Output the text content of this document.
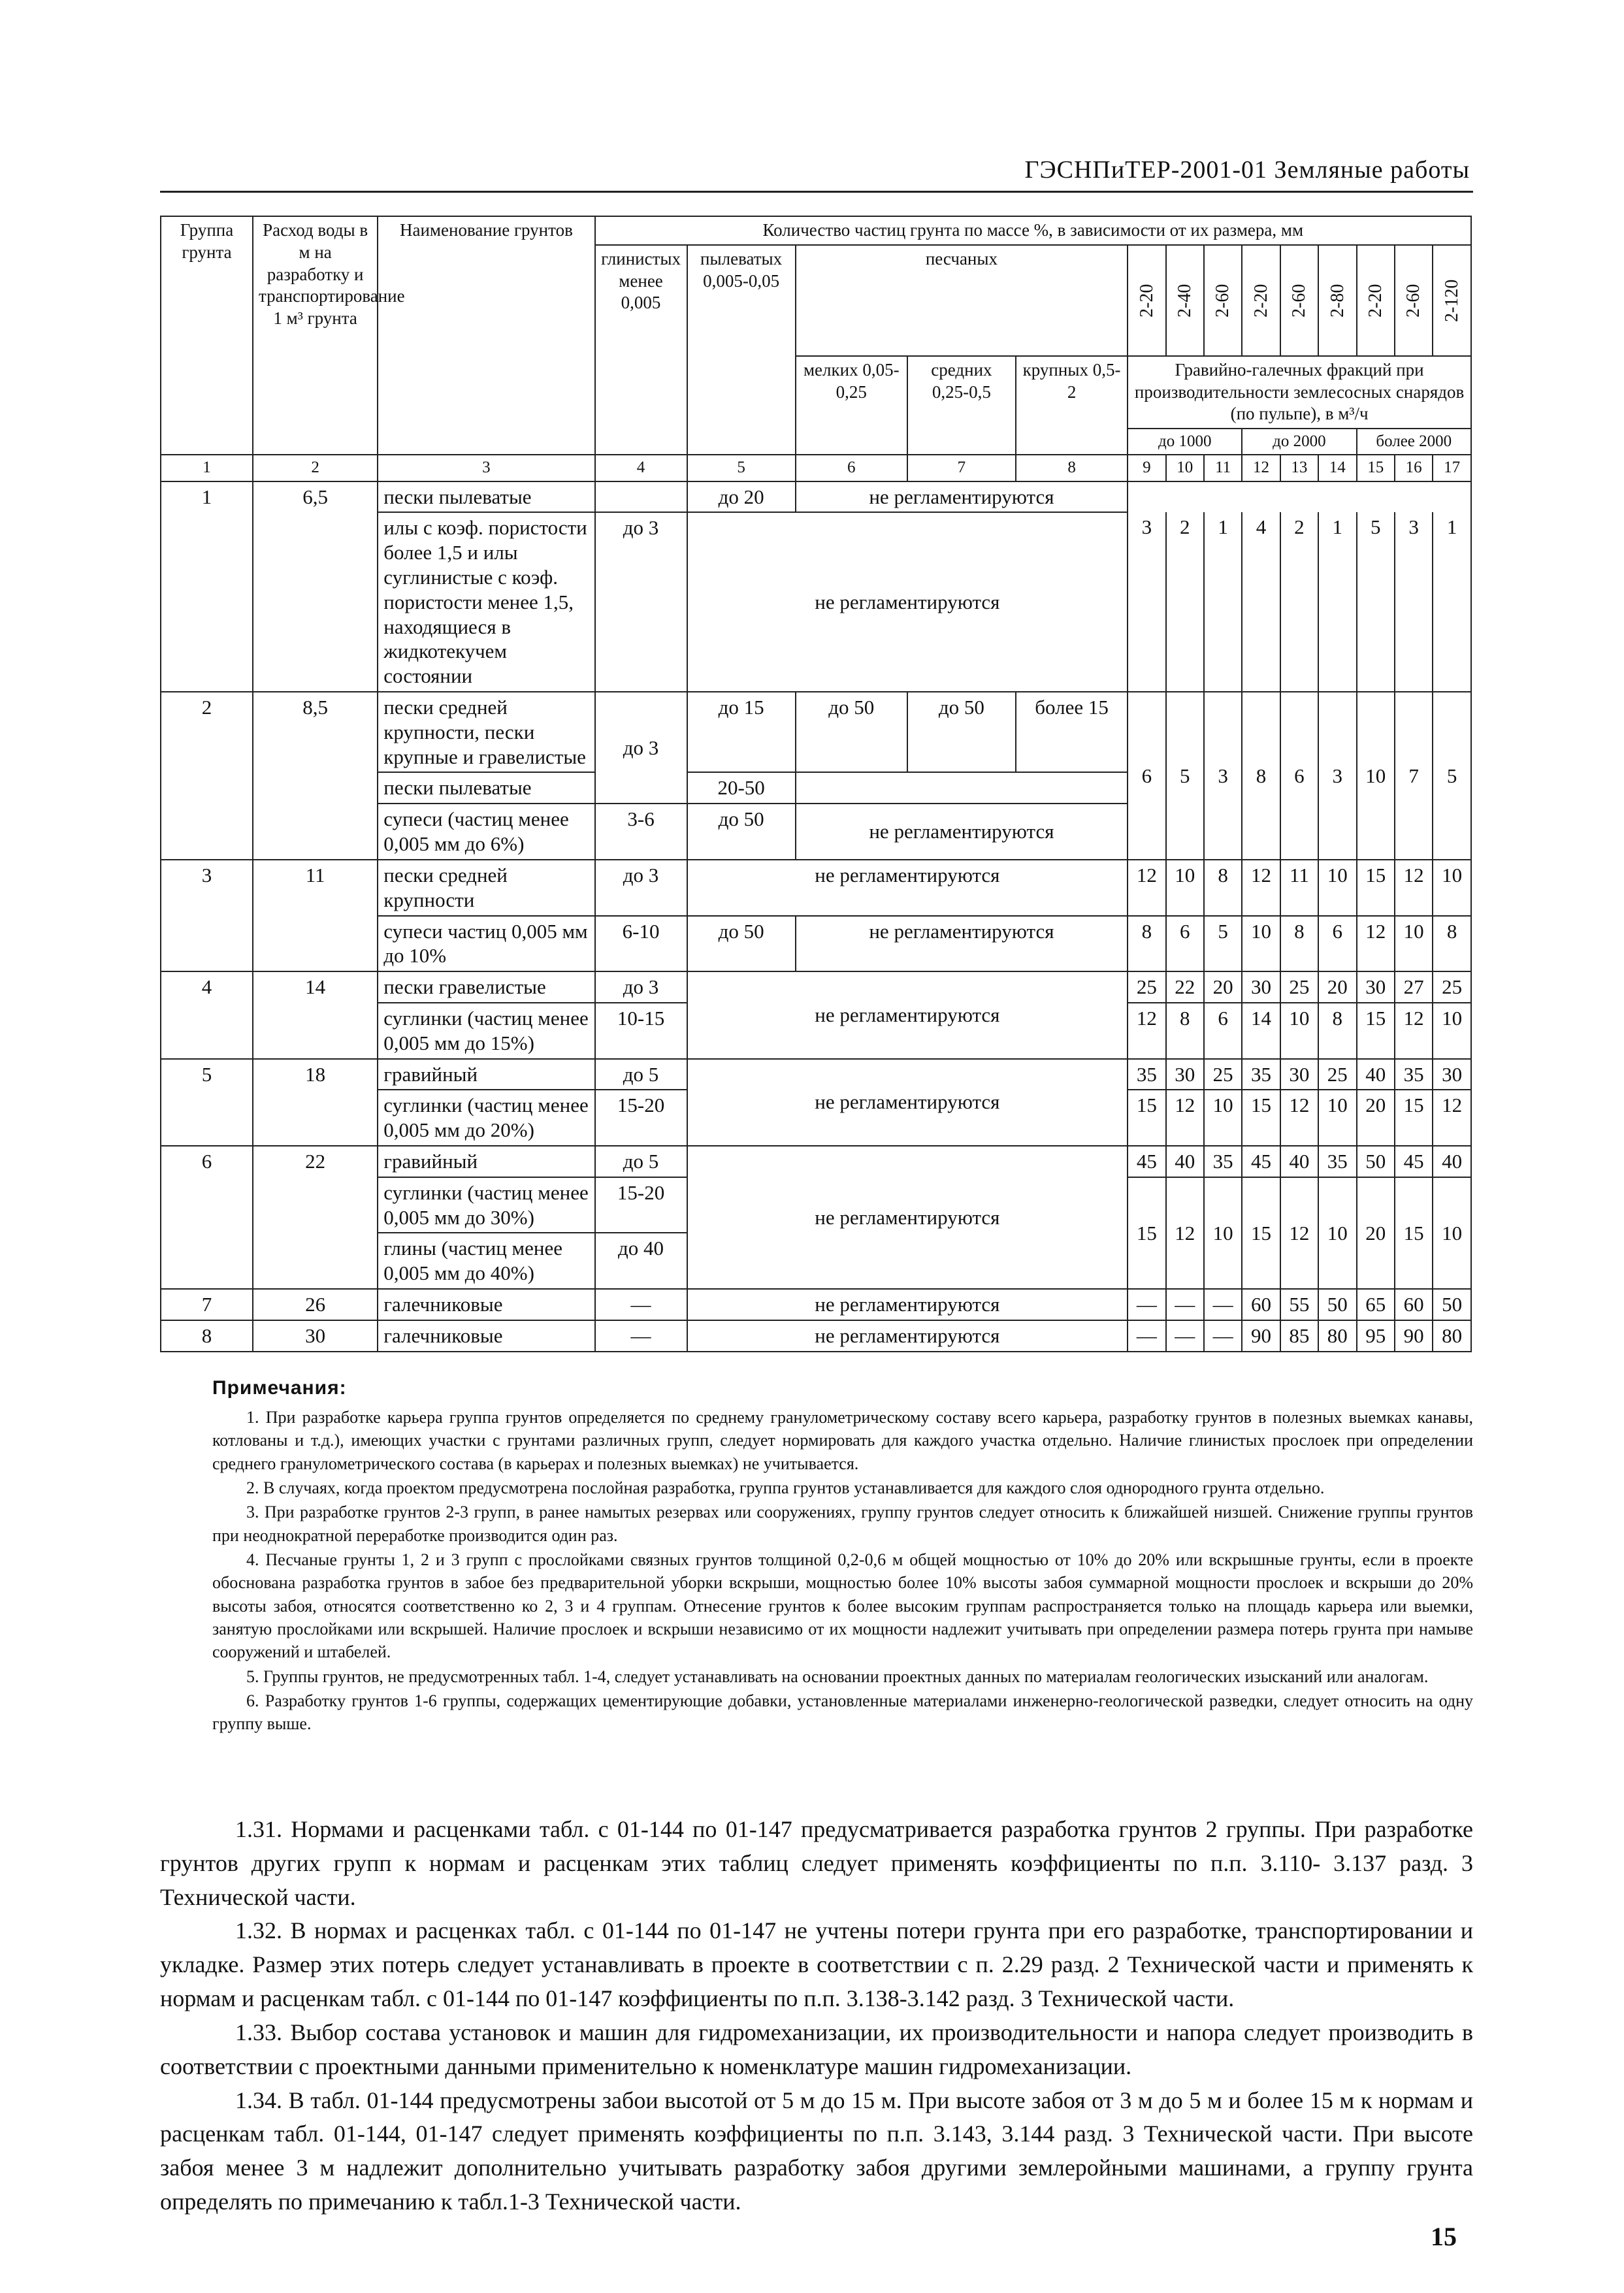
ГЭСНПиТЕР-2001-01 Земляные работы
Группа грунта	Расход воды в м на разработку и транспортирование 1 м³ грунта	Наименование грунтов	Количество частиц грунта по массе %, в зависимости от их размера, мм													
			глинистых менее 0,005	пылеватых 0,005-0,05	песчаных			2-20	2-40	2-60	2-20	2-60	2-80	2-20	2-60	2-120

					мелких 0,05-0,25	средних 0,25-0,5	крупных 0,5-2	Гравийно-галечных фракций при производительности землесосных снарядов (по пульпе), в м³/ч								
								до 1000			до 2000			более 2000		
1	2	3	4	5	6	7	8	9	10	11	12	13	14	15	16	17
1	6,5	пески пылеватые		до 20	не регламентируются											
		илы с коэф. пористости более 1,5 и илы суглинистые с коэф. пористости менее 1,5, находящиеся в жидкотекучем состоянии	до 3	не регламентируются				3	2	1	4	2	1	5	3	1
2	8,5	пески средней крупности, пески крупные и гравелистые	до 3	до 15	до 50	до 50	более 15	6	5	3	8	6	3	10	7	5
		пески пылеватые		20-50												
		супеси (частиц менее 0,005 мм до 6%)	3-6	до 50	не регламентируются											
3	11	пески средней крупности	до 3	не регламентируются				12	10	8	12	11	10	15	12	10
		супеси частиц 0,005 мм до 10%	6-10	до 50	не регламентируются			8	6	5	10	8	6	12	10	8
4	14	пески гравелистые	до 3	не регламентируются				25	22	20	30	25	20	30	27	25
		суглинки (частиц менее 0,005 мм до 15%)	10-15					12	8	6	14	10	8	15	12	10
5	18	гравийный	до 5	не регламентируются				35	30	25	35	30	25	40	35	30
		суглинки (частиц менее 0,005 мм до 20%)	15-20					15	12	10	15	12	10	20	15	12
6	22	гравийный	до 5	не регламентируются				45	40	35	45	40	35	50	45	40
		суглинки (частиц менее 0,005 мм до 30%)	15-20					15	12	10	15	12	10	20	15	10
		глины (частиц менее 0,005 мм до 40%)	до 40													
7	26	галечниковые	—	не регламентируются				—	—	—	60	55	50	65	60	50
8	30	галечниковые	—	не регламентируются				—	—	—	90	85	80	95	90	80
Примечания:

1. При разработке карьера группа грунтов определяется по среднему гранулометрическому составу всего карьера, разработку грунтов в полезных выемках канавы, котлованы и т.д.), имеющих участки с грунтами различных групп, следует нормировать для каждого участка отдельно. Наличие глинистых прослоек при определении среднего гранулометрического состава (в карьерах и полезных выемках) не учитывается.

2. В случаях, когда проектом предусмотрена послойная разработка, группа грунтов устанавливается для каждого слоя однородного грунта отдельно.

3. При разработке грунтов 2-3 групп, в ранее намытых резервах или сооружениях, группу грунтов следует относить к ближайшей низшей. Снижение группы грунтов при неоднократной переработке производится один раз.

4. Песчаные грунты 1, 2 и 3 групп с прослойками связных грунтов толщиной 0,2-0,6 м общей мощностью от 10% до 20% или вскрышные грунты, если в проекте обоснована разработка грунтов в забое без предварительной уборки вскрыши, мощностью более 10% высоты забоя суммарной мощности прослоек и вскрыши до 20% высоты забоя, относятся соответственно ко 2, 3 и 4 группам. Отнесение грунтов к более высоким группам распространяется только на площадь карьера или выемки, занятую прослойками или вскрышей. Наличие прослоек и вскрыши независимо от их мощности надлежит учитывать при определении размера потерь грунта при намыве сооружений и штабелей.

5. Группы грунтов, не предусмотренных табл. 1-4, следует устанавливать на основании проектных данных по материалам геологических изысканий или аналогам.

6. Разработку грунтов 1-6 группы, содержащих цементирующие добавки, установленные материалами инженерно-геологической разведки, следует относить на одну группу выше.

1.31. Нормами и расценками табл. с 01-144 по 01-147 предусматривается разработка грунтов 2 группы. При разработке грунтов других групп к нормам и расценкам этих таблиц следует применять коэффициенты по п.п. 3.110- 3.137 разд. 3 Технической части.

1.32. В нормах и расценках табл. с 01-144 по 01-147 не учтены потери грунта при его разработке, транспортировании и укладке. Размер этих потерь следует устанавливать в проекте в соответствии с п. 2.29 разд. 2 Технической части и применять к нормам и расценкам табл. с 01-144 по 01-147 коэффициенты по п.п. 3.138-3.142 разд. 3 Технической части.

1.33. Выбор состава установок и машин для гидромеханизации, их производительности и напора следует производить в соответствии с проектными данными применительно к номенклатуре машин гидромеханизации.

1.34. В табл. 01-144 предусмотрены забои высотой от 5 м до 15 м. При высоте забоя от 3 м до 5 м и более 15 м к нормам и расценкам табл. 01-144, 01-147 следует применять коэффициенты по п.п. 3.143, 3.144 разд. 3 Технической части. При высоте забоя менее 3 м надлежит дополнительно учитывать разработку забоя другими землеройными машинами, а группу грунта определять по примечанию к табл.1-3 Технической части.

15
